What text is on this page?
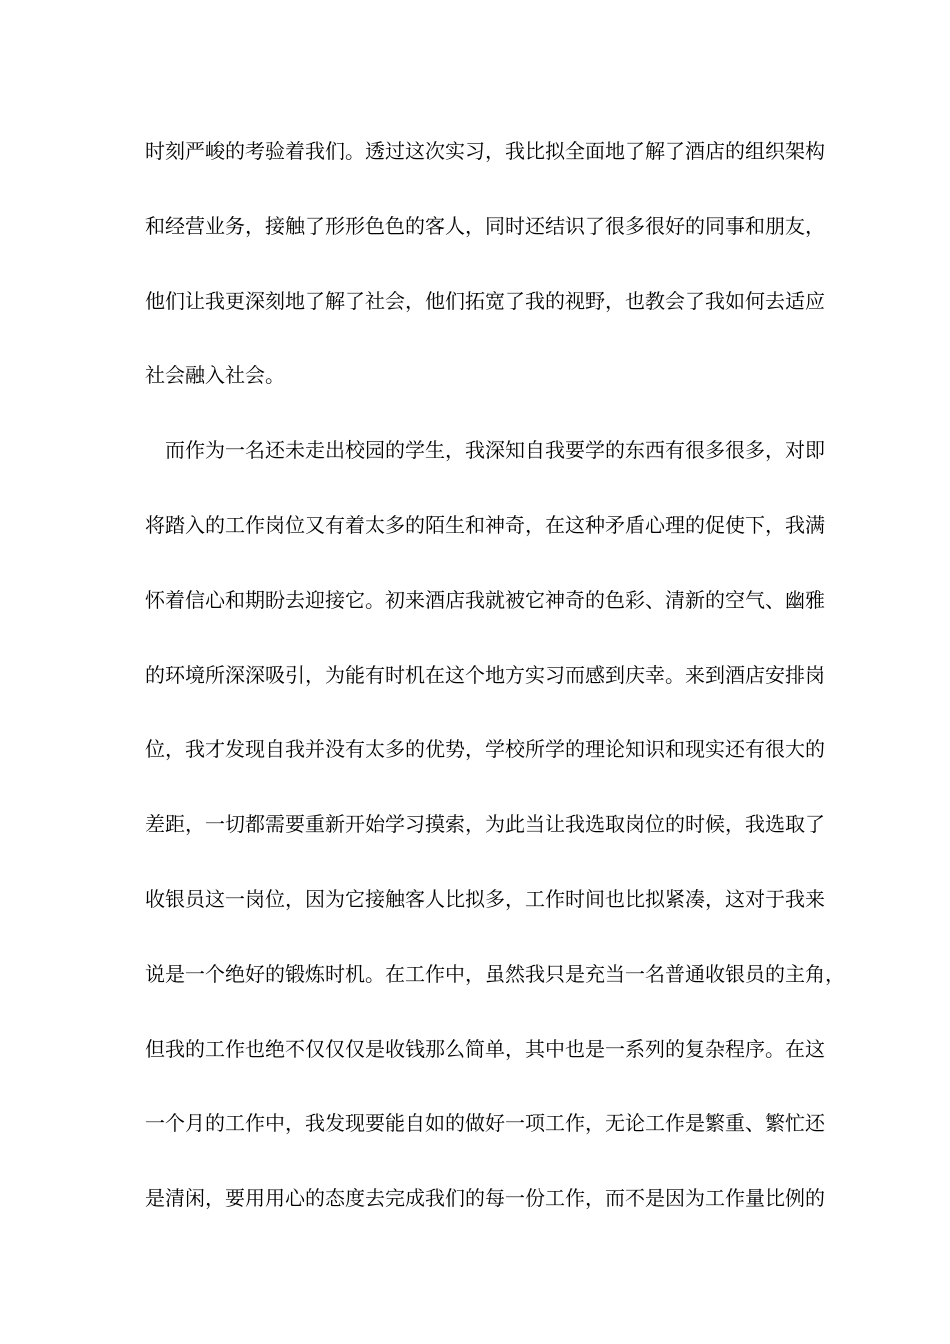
时刻严峻的考验着我们。透过这次实习，我比拟全面地了解了酒店的组织架构
和经营业务，接触了形形色色的客人，同时还结识了很多很好的同事和朋友，
他们让我更深刻地了解了社会，他们拓宽了我的视野，也教会了我如何去适应
社会融入社会。
　而作为一名还未走出校园的学生，我深知自我要学的东西有很多很多，对即
将踏入的工作岗位又有着太多的陌生和神奇，在这种矛盾心理的促使下，我满
怀着信心和期盼去迎接它。初来酒店我就被它神奇的色彩、清新的空气、幽雅
的环境所深深吸引，为能有时机在这个地方实习而感到庆幸。来到酒店安排岗
位，我才发现自我并没有太多的优势，学校所学的理论知识和现实还有很大的
差距，一切都需要重新开始学习摸索，为此当让我选取岗位的时候，我选取了
收银员这一岗位，因为它接触客人比拟多，工作时间也比拟紧凑，这对于我来
说是一个绝好的锻炼时机。在工作中，虽然我只是充当一名普通收银员的主角，
但我的工作也绝不仅仅仅是收钱那么简单，其中也是一系列的复杂程序。在这
一个月的工作中，我发现要能自如的做好一项工作，无论工作是繁重、繁忙还
是清闲，要用用心的态度去完成我们的每一份工作，而不是因为工作量比例的
